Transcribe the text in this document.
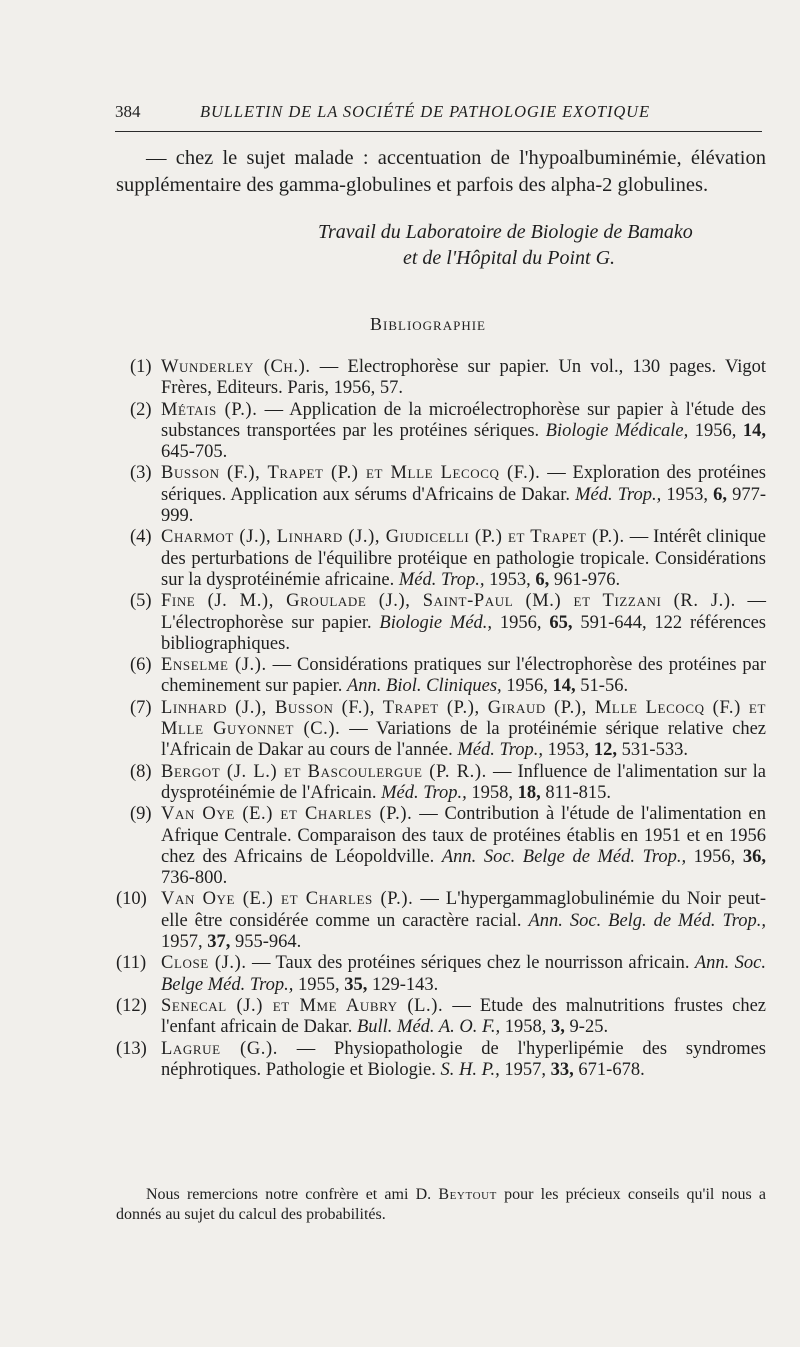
384	BULLETIN DE LA SOCIÉTÉ DE PATHOLOGIE EXOTIQUE

— chez le sujet malade : accentuation de l'hypoalbuminémie, élévation supplémentaire des gamma-globulines et parfois des alpha-2 globulines.

Travail du Laboratoire de Biologie de Bamako
et de l'Hôpital du Point G.
Bibliographie
(1) Wunderley (Ch.). — Electrophorèse sur papier. Un vol., 130 pages. Vigot Frères, Editeurs. Paris, 1956, 57.
(2) Métais (P.). — Application de la microélectrophorèse sur papier à l'étude des substances transportées par les protéines sériques. Biologie Médicale, 1956, 14, 645-705.
(3) Busson (F.), Trapet (P.) et Mlle Lecocq (F.). — Exploration des protéines sériques. Application aux sérums d'Africains de Dakar. Méd. Trop., 1953, 6, 977-999.
(4) Charmot (J.), Linhard (J.), Giudicelli (P.) et Trapet (P.). — Intérêt clinique des perturbations de l'équilibre protéique en pathologie tropicale. Considérations sur la dysprotéinémie africaine. Méd. Trop., 1953, 6, 961-976.
(5) Fine (J. M.), Groulade (J.), Saint-Paul (M.) et Tizzani (R. J.). — L'électrophorèse sur papier. Biologie Méd., 1956, 65, 591-644, 122 références bibliographiques.
(6) Enselme (J.). — Considérations pratiques sur l'électrophorèse des protéines par cheminement sur papier. Ann. Biol. Cliniques, 1956, 14, 51-56.
(7) Linhard (J.), Busson (F.), Trapet (P.), Giraud (P.), Mlle Lecocq (F.) et Mlle Guyonnet (C.). — Variations de la protéinémie sérique relative chez l'Africain de Dakar au cours de l'année. Méd. Trop., 1953, 12, 531-533.
(8) Bergot (J. L.) et Bascoulergue (P. R.). — Influence de l'alimentation sur la dysprotéinémie de l'Africain. Méd. Trop., 1958, 18, 811-815.
(9) Van Oye (E.) et Charles (P.). — Contribution à l'étude de l'alimentation en Afrique Centrale. Comparaison des taux de protéines établis en 1951 et en 1956 chez des Africains de Léopoldville. Ann. Soc. Belge de Méd. Trop., 1956, 36, 736-800.
(10) Van Oye (E.) et Charles (P.). — L'hypergammaglobulinémie du Noir peut-elle être considérée comme un caractère racial. Ann. Soc. Belg. de Méd. Trop., 1957, 37, 955-964.
(11) Close (J.). — Taux des protéines sériques chez le nourrisson africain. Ann. Soc. Belge Méd. Trop., 1955, 35, 129-143.
(12) Senecal (J.) et Mme Aubry (L.). — Etude des malnutritions frustes chez l'enfant africain de Dakar. Bull. Méd. A. O. F., 1958, 3, 9-25.
(13) Lagrue (G.). — Physiopathologie de l'hyperlipémie des syndromes néphrotiques. Pathologie et Biologie. S. H. P., 1957, 33, 671-678.

Nous remercions notre confrère et ami D. Beytout pour les précieux conseils qu'il nous a donnés au sujet du calcul des probabilités.
